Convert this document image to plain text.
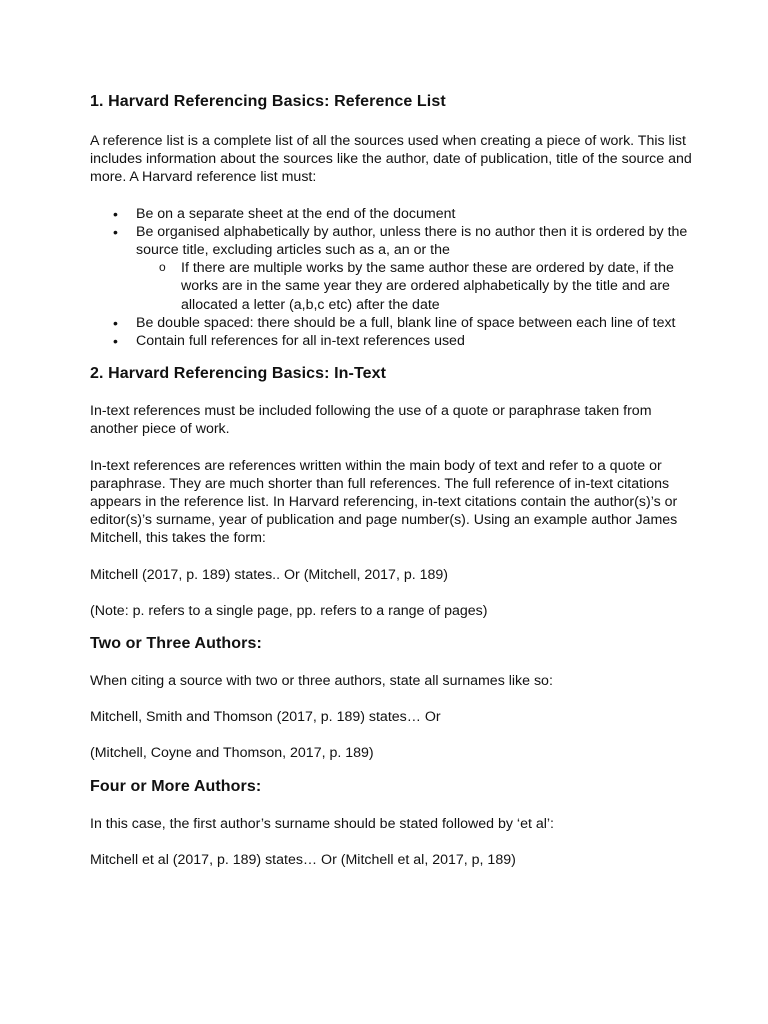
1. Harvard Referencing Basics: Reference List

A reference list is a complete list of all the sources used when creating a piece of work. This list includes information about the sources like the author, date of publication, title of the source and more. A Harvard reference list must:

• Be on a separate sheet at the end of the document
• Be organised alphabetically by author, unless there is no author then it is ordered by the source title, excluding articles such as a, an or the
o If there are multiple works by the same author these are ordered by date, if the works are in the same year they are ordered alphabetically by the title and are allocated a letter (a,b,c etc) after the date
• Be double spaced: there should be a full, blank line of space between each line of text
• Contain full references for all in-text references used
2. Harvard Referencing Basics: In-Text

In-text references must be included following the use of a quote or paraphrase taken from another piece of work.

In-text references are references written within the main body of text and refer to a quote or paraphrase. They are much shorter than full references. The full reference of in-text citations appears in the reference list. In Harvard referencing, in-text citations contain the author(s)’s or editor(s)’s surname, year of publication and page number(s). Using an example author James Mitchell, this takes the form:

Mitchell (2017, p. 189) states.. Or (Mitchell, 2017, p. 189)

(Note: p. refers to a single page, pp. refers to a range of pages)

Two or Three Authors:

When citing a source with two or three authors, state all surnames like so:

Mitchell, Smith and Thomson (2017, p. 189) states… Or

(Mitchell, Coyne and Thomson, 2017, p. 189)

Four or More Authors:

In this case, the first author’s surname should be stated followed by ‘et al’:

Mitchell et al (2017, p. 189) states… Or (Mitchell et al, 2017, p, 189)
